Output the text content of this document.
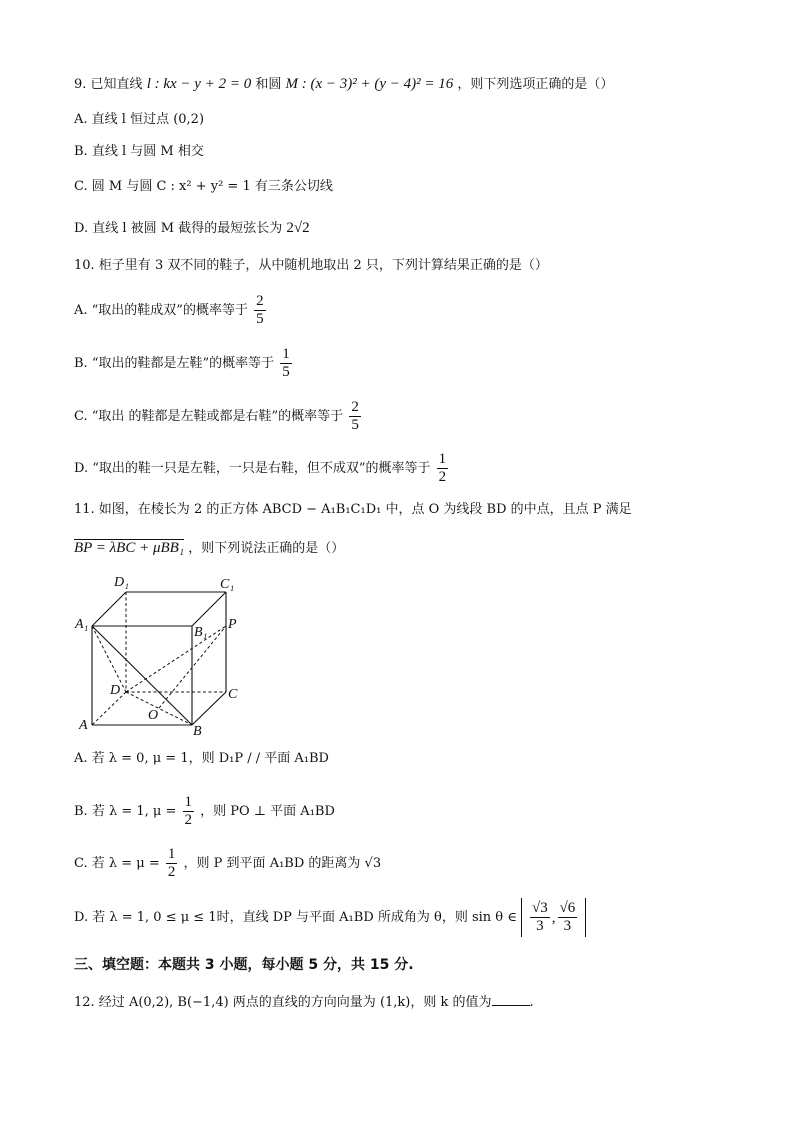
9. 已知直线 l : kx − y + 2 = 0 和圆 M : (x − 3)² + (y − 4)² = 16 ，则下列选项正确的是（）
A. 直线 l 恒过点 (0,2)
B. 直线 l 与圆 M 相交
C. 圆 M 与圆 C : x² + y² = 1 有三条公切线
D. 直线 l 被圆 M 截得的最短弦长为 2√2
10. 柜子里有 3 双不同的鞋子，从中随机地取出 2 只，下列计算结果正确的是（）
A. “取出的鞋成双”的概率等于 $\frac{2}{5}$
B. “取出的鞋都是左鞋”的概率等于 $\frac{1}{5}$
C. “取出 的鞋都是左鞋或都是右鞋”的概率等于 $\frac{2}{5}$
D. “取出的鞋一只是左鞋，一只是右鞋，但不成双”的概率等于 $\frac{1}{2}$
11. 如图，在棱长为 2 的正方体 ABCD − A₁B₁C₁D₁ 中，点 O 为线段 BD 的中点，且点 P 满足
BP = λBC + μBB₁ ，则下列说法正确的是（）
D₁	C₁
A₁
B₁
P
D	C
O
A	B
A. 若 λ = 0, μ = 1，则 D₁P / / 平面 A₁BD
B. 若 λ = 1, $\mu = \frac{1}{2}$ ，则 PO ⊥ 平面 A₁BD
C. 若 $\lambda = \mu = \frac{1}{2}$ ，则 P 到平面 A₁BD 的距离为 √3
D. 若 λ = 1, 0 ≤ μ ≤ 1时，直线 DP 与平面 A₁BD 所成角为 θ，则 sin θ ∈ $\frac{√3}{3}$ , $\frac{√6}{3}$
三、填空题：本题共 3 小题，每小题 5 分，共 15 分.
12. 经过 A(0,2), B(−1,4) 两点的直线的方向向量为 (1,k)，则 k 的值为	.
